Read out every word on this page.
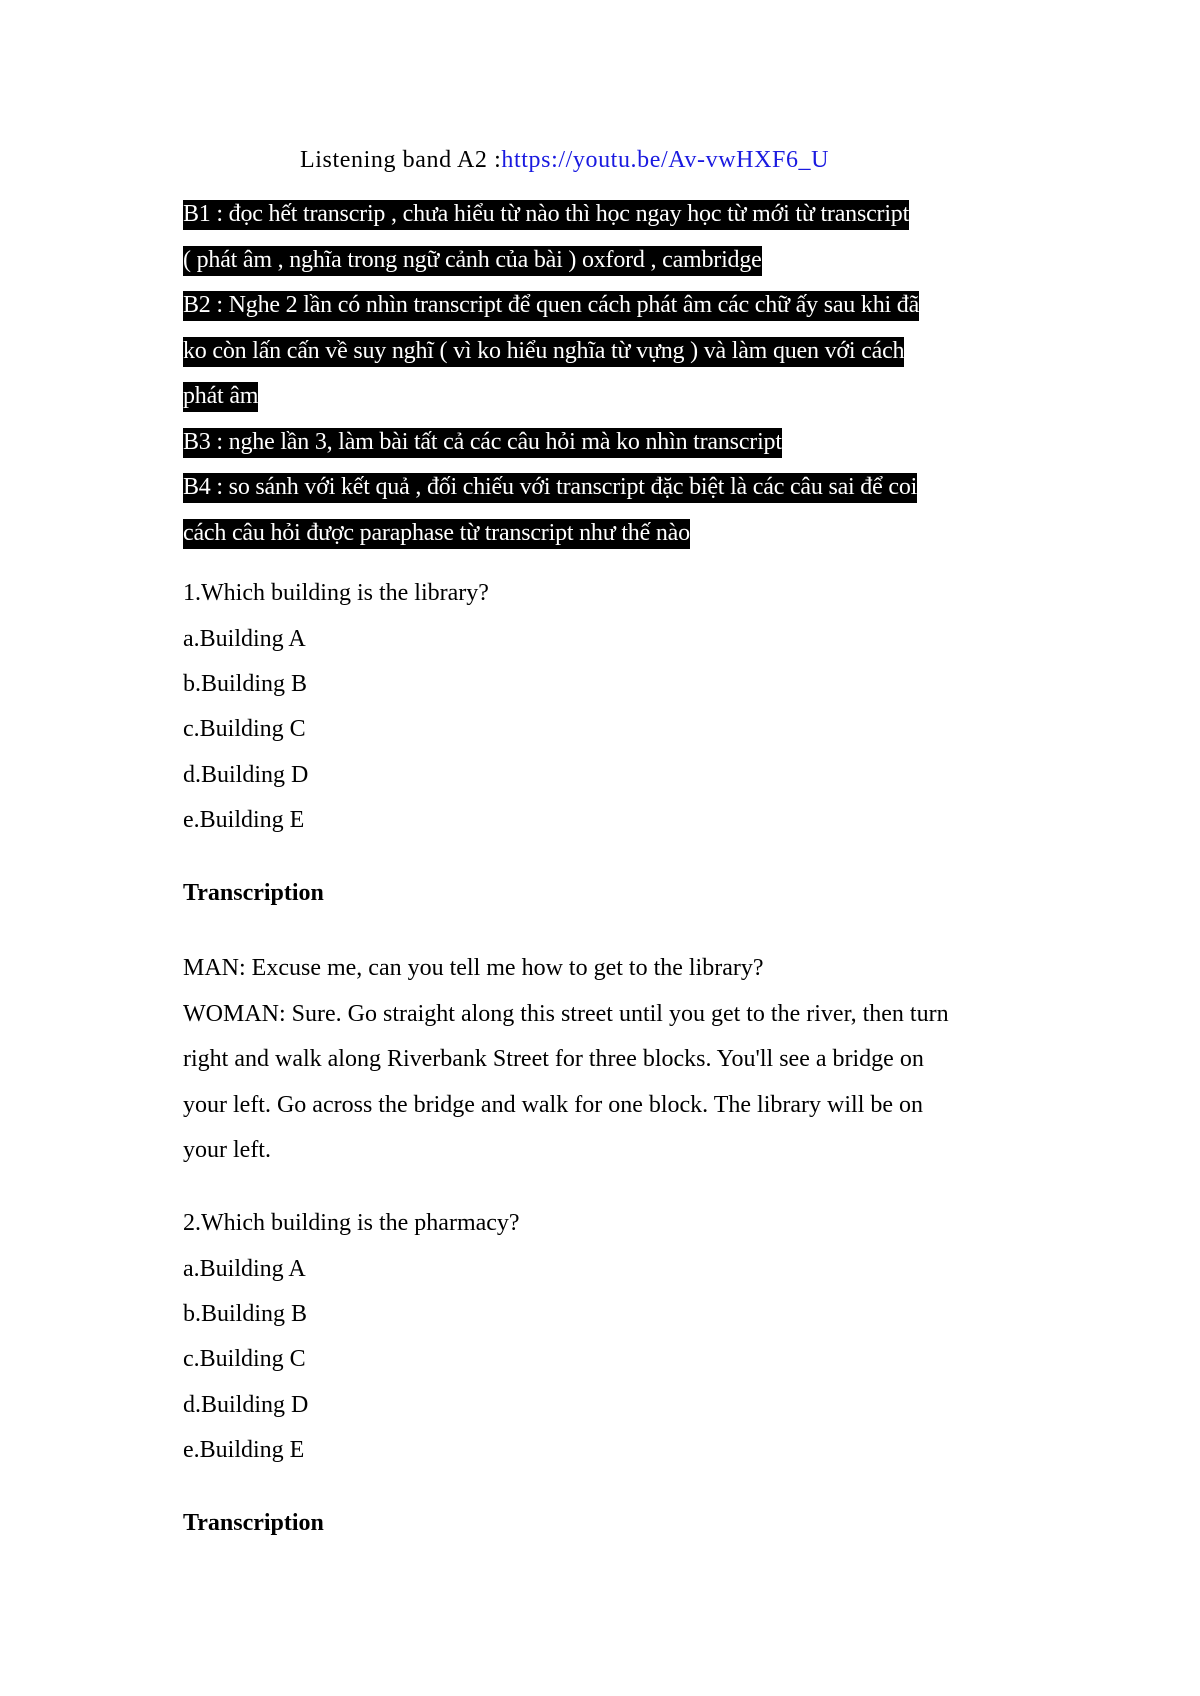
Listening band A2 :https://youtu.be/Av-vwHXF6_U
B1 : đọc hết transcrip , chưa hiểu từ nào thì học ngay học từ mới từ transcript
( phát âm , nghĩa trong ngữ cảnh của bài ) oxford , cambridge
B2 : Nghe 2 lần có nhìn transcript để quen cách phát âm các chữ ấy sau khi đã
ko còn lấn cấn về suy nghĩ ( vì ko hiểu nghĩa từ vựng ) và làm quen với cách
phát âm
B3 : nghe lần 3, làm bài tất cả các câu hỏi mà ko nhìn transcript
B4 : so sánh với kết quả , đối chiếu với transcript đặc biệt là các câu sai để coi
cách câu hỏi được paraphase từ transcript như thế nào
1.Which building is the library?
a.Building A
b.Building B
c.Building C
d.Building D
e.Building E
Transcription
MAN: Excuse me, can you tell me how to get to the library?
WOMAN: Sure. Go straight along this street until you get to the river, then turn
right and walk along Riverbank Street for three blocks. You'll see a bridge on
your left. Go across the bridge and walk for one block. The library will be on
your left.
2.Which building is the pharmacy?
a.Building A
b.Building B
c.Building C
d.Building D
e.Building E
Transcription
